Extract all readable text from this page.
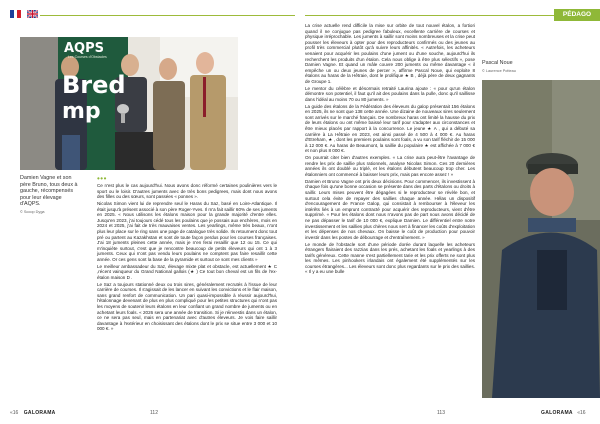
PÉDAGO
AQPS
Les Courses d'Obstacles
Bred
mp
Damien Vagne et son père Bruno, tous deux à gauche, récompensés pour leur élevage d'AQPS.
© Scoop Dyga
•••

Ce n'est plus le cas aujourd'hui. Nous avons donc réformé certaines poulinières vers le sport ou le loisir. D'autres juments avec de très bons pedigrees, mais dont nous avons des filles ou des sœurs, sont passées « ponnes ».

Nicolas Simon vient lui de reprendre seul le Haras du Saz, basé en Loire-Atlantique. Il était jusqu'à présent associé à son père Roger-Yves. Il m'a fait saillir 60% de ses juments en 2025. « Nous utilisons les étalons maison pour la grande majorité d'entre elles. Jusqu'en 2023, j'ai toujours cédé tous les poulains que je possais aux enchères, mois en 2024 et 2025, j'ai fait de très mauvaises ventes. Les yearlings, même très beaux, n'ont plus leur place sur le ring sans une page de catalogue très solide. Ils retournent donc tout pré ou partent au Kazakhstan et sont de toute façon perdus pour les courses françaises. J'ai 18 juments pleines cette année, mais je n'en ferai resaillir que 12 ou 15. Ce qui m'inquiète surtout, c'est que je rencontre beaucoup de petits éleveurs qui ont 1 à 3 juments. Ceux qui n'ont pas vendu leurs poulains ne comptent pas faire resaillir cette année. Or ces gens sont la base de la pyramide et surtout ce sont mes clients »

Le meilleur ambassadeur du Saz, élevage mixte plat et obstacle, est actuellement ★ C ,récent vainqueur du Grand National gallois (★ ) Ce tout bon cheval est un fils de l'ex-étalon maison D .

Le Saz a toujours stationné deux ou trois sires, généralement recrutés à l'issue de leur carrière de courses. Il s'agissait de les lancer en suivant les convictions et le flair maison, sans grand renfort de communication. Un pari quasi-impossible à réussir aujourd'hui, l'étalonnage devenant de plus en plus compliqué pour les petites structures qui n'ont pas les moyens de soutenir leurs étalons en leur confiant un grand nombre de juments ou en achetant leurs foals. « 2026 sera une année de transition. Si je réinvestis dans un étalon, ce ne sera pas seul, mais en partenariat avec d'autres éleveurs. Je vois faire saillir davantage à l'extérieur en choisissant des étalons dont le prix se situe entre 3 000 et 10 000 €. »

La crise actuelle rend difficile la mise sur orbite de tout nouvel étalon, a fortiori quand il ne conjugue pas pedigree fabuleux, excellente carrière de courses et physique irréprochable. Les juments à saillir sont moins nombreuses et la crise peut pousser les éleveurs à opter pour des reproducteurs confirmés ou des jeunes au profil très commercial plutôt qu'à suivre leurs affinités. « Autrefois, les acheteurs venaient pour acquérir les poulains d'une jument ou d'une souche, aujourd'hui ils recherchent les produits d'un étalon. Cela nous oblige à être plus sélectifs », pose Damien Vagne. Et quand un mâle couvre 200 juments ou même davantage « il empêche un ou deux jeunes de percer », affirme Pascal Noue, qui exploite 8 étalons au haras de la Hêtraie, dont le prolifique ★ B , déjà père de deux gagnants de Groupe 1.

Le mentor du célèbre et désormais retraité Laurina ajoute : « pour qu'un étalon démontre son potentiel, il faut qu'il ait des poulains dans la pulle, donc qu'il saillisse dans l'idéal au moins 70 ou 80 juments. »

La guide des étalons de la Fédération des éleveurs du galop présentait 156 étalons en 2025, ils ne sont que 138 cette année. Une dizaine de nouveaux sires seulement sont arrivés sur le marché français. De nombreux haras ont limité la hausse du prix de leurs étalons ou ont même baissé leur tarif pour s'adapter aux circonstances et être mieux placés par rapport à la concurrence. Le jeune ★ A , qui a débuté sa carrière à La Hêtraie en 2023, est ainsi passé de 4 500 à 4 000 €. Au haras d'Etreham, ★ , dont les premiers poulains sont foals, a vu son tarif fléchir de 15 000 à 12 000 €. Au haras de Beaumont, la saillie du populaire ★ est affichée à 7 000 € et non plus 8 000 €.

On pourrait citer bien d'autres exemples. « La crise aura peut-être l'avantage de rendre les prix de saillie plus rationnels, analyse Nicolas Simon. Ces 20 dernières années ils ont doublé ou triplé, et les étalons débutent beaucoup trop cher. Les étalonniers ont commencé à baisser leurs prix, mais pas encore assez ! »

Damien et Bruno Vagne ont pris deux décisions. Pour commencer, ils investissent à chaque fois qu'une bonne occasion se présente dans des parts d'étalons ou droits à saillir. Leurs mises peuvent être dégagées si le reproducteur se révèle bon, et surtout cela évite de repayer des saillies chaque année. Hélas un dispositif d'encouragement de France Galop, qui consistait à rembourser à l'éleveur les intérêts liés à un emprunt contracté pour acquérir des reproducteurs, vient d'être supprimé. « Pour les étalons dont nous n'avons pas de part nous avons décidé de ne pas dépasser le tarif de 10 000 €, explique Damien. Le différentiel entre notre investissement et les saillies plus chères nous sert à financer les coûts d'exploitation et les dépenses de nos chevaux. On baisse le coût de production pour pouvoir investir dans les postes de débourrage et d'entraînement. »

Le monde de l'obstacle sort d'une période dorée durant laquelle les acheteurs étrangers flairaient des razzias dans les prés, achetant les foals et yearlings à des tarifs généreux. Cette manne s'est partiellement tarie et les prix offerts ne sont plus les mêmes. Les pinhookers irlandais ont également été supplémentés sur les courses étrangères... Les éleveurs sont donc plus regardants sur le prix des saillies. « Il y a eu une bulle

Pascal Noue
© Laurence Potteau
«16 GALORAMA	112	113	GALORAMA «16
